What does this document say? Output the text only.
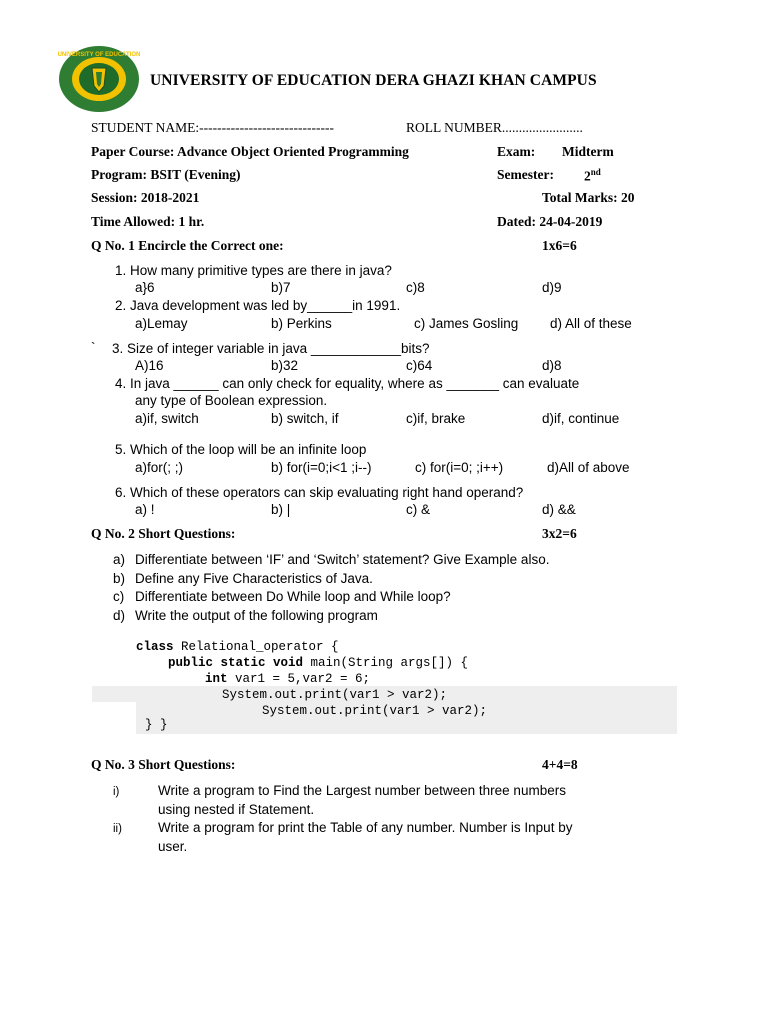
UNIVERSITY OF EDUCATION
UNIVERSITY OF EDUCATION DERA GHAZI KHAN CAMPUS
STUDENT NAME:------------------------------	ROLL NUMBER........................
Paper Course: Advance Object Oriented Programming	Exam: Midterm
Program: BSIT (Evening)	Semester: 2nd
Session: 2018-2021	Total Marks: 20
Time Allowed: 1 hr.	Dated: 24-04-2019
Q No. 1 Encircle the Correct one:	1x6=6
1. How many primitive types are there in java?
a}6	b)7	c)8	d)9
2. Java development was led by______in 1991.
a)Lemay	b) Perkins	c) James Gosling d) All of these
` 3. Size of integer variable in java ____________bits?
A)16	b)32	c)64	d)8
4. In java ______ can only check for equality, where as _______ can evaluate
any type of Boolean expression.
a)if, switch	b) switch, if	c)if, brake	d)if, continue
5. Which of the loop will be an infinite loop
a)for(; ;)	b) for(i=0;i<1 ;i--)	c) for(i=0; ;i++)	d)All of above
6. Which of these operators can skip evaluating right hand operand?
a) !	b) |	c) &	d) &&
Q No. 2 Short Questions:	3x2=6
a) Differentiate between ‘IF’ and ‘Switch’ statement? Give Example also.
b) Define any Five Characteristics of Java.
c) Differentiate between Do While loop and While loop?
d) Write the output of the following program
class Relational_operator {
public static void main(String args[]) {
int var1 = 5,var2 = 6;
System.out.print(var1 > var2);
System.out.print(var1 > var2);
} }
Q No. 3 Short Questions:	4+4=8
i)	Write a program to Find the Largest number between three numbers
using nested if Statement.
ii)	Write a program for print the Table of any number. Number is Input by
user.
